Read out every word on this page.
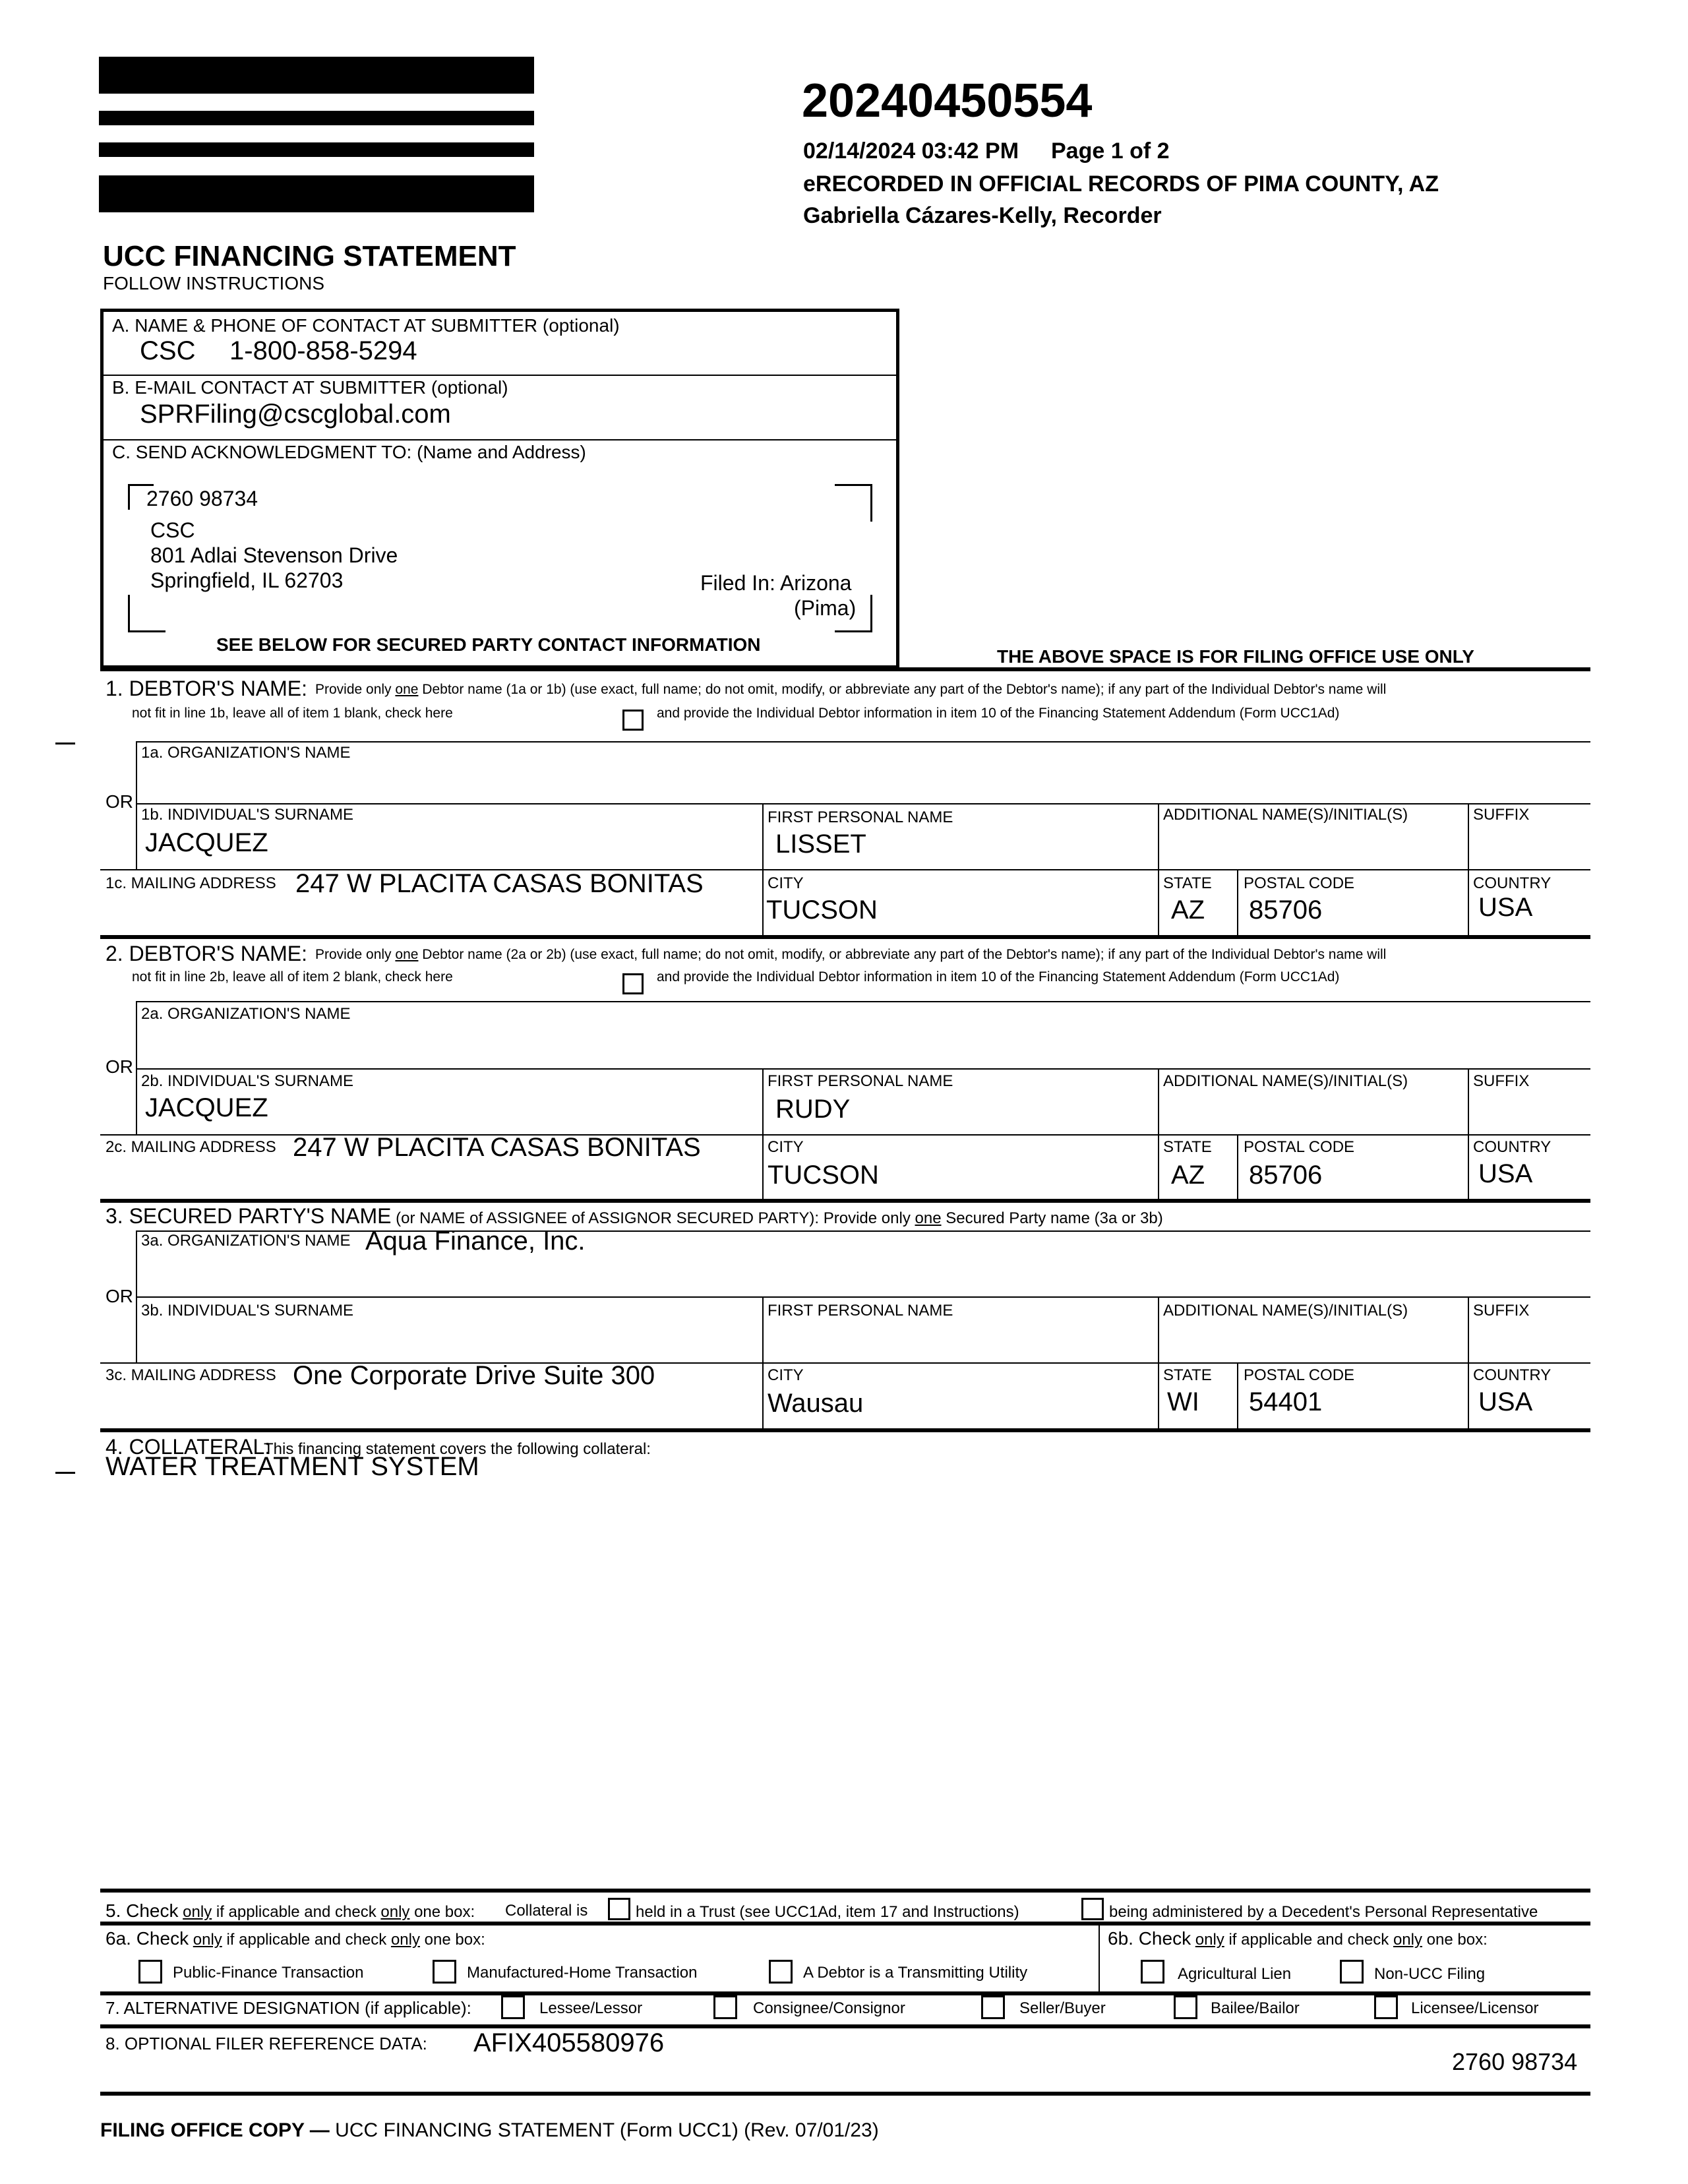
20240450554
02/14/2024 03:42 PM Page 1 of 2
eRECORDED IN OFFICIAL RECORDS OF PIMA COUNTY, AZ
Gabriella Cázares-Kelly, Recorder
UCC FINANCING STATEMENT
FOLLOW INSTRUCTIONS
A. NAME & PHONE OF CONTACT AT SUBMITTER (optional)
CSC 1-800-858-5294
B. E-MAIL CONTACT AT SUBMITTER (optional)
SPRFiling@cscglobal.com
C. SEND ACKNOWLEDGMENT TO: (Name and Address)
2760 98734
CSC
801 Adlai Stevenson Drive
Springfield, IL 62703	Filed In: Arizona
(Pima)
SEE BELOW FOR SECURED PARTY CONTACT INFORMATION
THE ABOVE SPACE IS FOR FILING OFFICE USE ONLY
1. DEBTOR'S NAME: Provide only one Debtor name (1a or 1b) (use exact, full name; do not omit, modify, or abbreviate any part of the Debtor's name); if any part of the Individual Debtor's name will
not fit in line 1b, leave all of item 1 blank, check here	and provide the Individual Debtor information in item 10 of the Financing Statement Addendum (Form UCC1Ad)
1a. ORGANIZATION'S NAME
OR
1b. INDIVIDUAL'S SURNAME
JACQUEZ
FIRST PERSONAL NAME
LISSET
ADDITIONAL NAME(S)/INITIAL(S)	SUFFIX
1c. MAILING ADDRESS 247 W PLACITA CASAS BONITAS	CITY
TUCSON
STATE
AZ
POSTAL CODE
85706
COUNTRY
USA
2. DEBTOR'S NAME: Provide only one Debtor name (2a or 2b) (use exact, full name; do not omit, modify, or abbreviate any part of the Debtor's name); if any part of the Individual Debtor's name will
not fit in line 2b, leave all of item 2 blank, check here	and provide the Individual Debtor information in item 10 of the Financing Statement Addendum (Form UCC1Ad)
2a. ORGANIZATION'S NAME
OR
2b. INDIVIDUAL'S SURNAME
JACQUEZ
FIRST PERSONAL NAME
RUDY
ADDITIONAL NAME(S)/INITIAL(S)	SUFFIX
2c. MAILING ADDRESS 247 W PLACITA CASAS BONITAS	CITY
TUCSON
STATE
AZ
POSTAL CODE
85706
COUNTRY
USA
3. SECURED PARTY'S NAME (or NAME of ASSIGNEE of ASSIGNOR SECURED PARTY): Provide only one Secured Party name (3a or 3b)
3a. ORGANIZATION'S NAME Aqua Finance, Inc.
OR
3b. INDIVIDUAL'S SURNAME	FIRST PERSONAL NAME	ADDITIONAL NAME(S)/INITIAL(S)	SUFFIX
3c. MAILING ADDRESS One Corporate Drive Suite 300	CITY
Wausau
STATE
WI
POSTAL CODE
54401
COUNTRY
USA
4. COLLATERAL:
This financing statement covers the following collateral:
WATER TREATMENT SYSTEM
5. Check only if applicable and check only one box: Collateral is	held in a Trust (see UCC1Ad, item 17 and Instructions)	being administered by a Decedent's Personal Representative
6a. Check only if applicable and check only one box:	6b. Check only if applicable and check only one box:
Public-Finance Transaction	Manufactured-Home Transaction	A Debtor is a Transmitting Utility	Agricultural Lien	Non-UCC Filing
7. ALTERNATIVE DESIGNATION (if applicable):	Lessee/Lessor	Consignee/Consignor	Seller/Buyer	Bailee/Bailor	Licensee/Licensor
8. OPTIONAL FILER REFERENCE DATA: AFIX405580976
2760 98734
FILING OFFICE COPY — UCC FINANCING STATEMENT (Form UCC1) (Rev. 07/01/23)
